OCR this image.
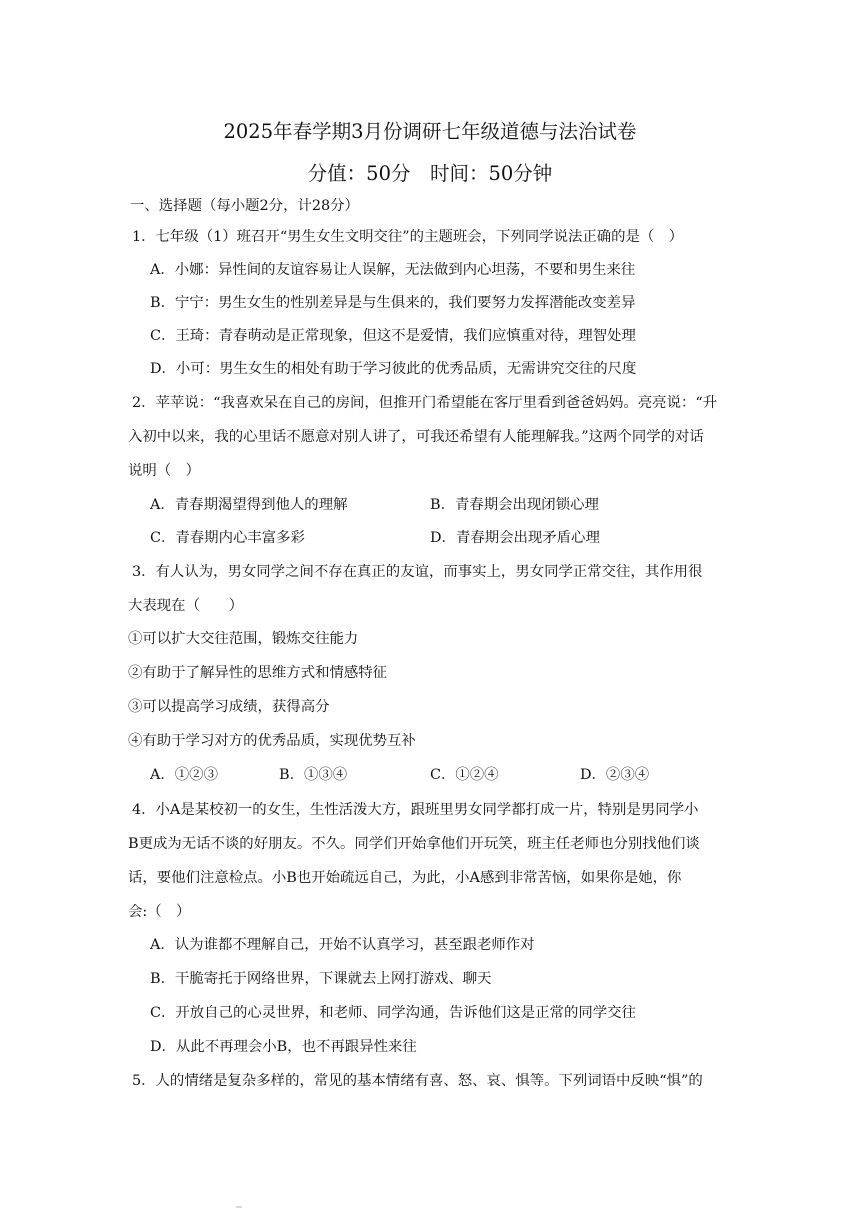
2025年春学期3月份调研七年级道德与法治试卷
分值：50分　时间：50分钟
一、选择题（每小题2分，计28分）
1．七年级（1）班召开“男生女生文明交往”的主题班会，下列同学说法正确的是（　）
A．小娜：异性间的友谊容易让人误解，无法做到内心坦荡，不要和男生来往
B．宁宁：男生女生的性别差异是与生俱来的，我们要努力发挥潜能改变差异
C．王琦：青春萌动是正常现象，但这不是爱情，我们应慎重对待，理智处理
D．小可：男生女生的相处有助于学习彼此的优秀品质，无需讲究交往的尺度
2．苹苹说：“我喜欢呆在自己的房间，但推开门希望能在客厅里看到爸爸妈妈。亮亮说：“升
入初中以来，我的心里话不愿意对别人讲了，可我还希望有人能理解我。”这两个同学的对话
说明（　）
A．青春期渴望得到他人的理解	B．青春期会出现闭锁心理
C．青春期内心丰富多彩	D．青春期会出现矛盾心理
3．有人认为，男女同学之间不存在真正的友谊，而事实上，男女同学正常交往，其作用很
大表现在（　　）
①可以扩大交往范围，锻炼交往能力
②有助于了解异性的思维方式和情感特征
③可以提高学习成绩，获得高分
④有助于学习对方的优秀品质，实现优势互补
A．①②③	B．①③④	C．①②④	D．②③④
4．小A是某校初一的女生，生性活泼大方，跟班里男女同学都打成一片，特别是男同学小
B更成为无话不谈的好朋友。不久。同学们开始拿他们开玩笑，班主任老师也分别找他们谈
话，要他们注意检点。小B也开始疏远自己，为此，小A感到非常苦恼，如果你是她，你
会:（　）
A．认为谁都不理解自己，开始不认真学习，甚至跟老师作对
B．干脆寄托于网络世界，下课就去上网打游戏、聊天
C．开放自己的心灵世界，和老师、同学沟通，告诉他们这是正常的同学交往
D．从此不再理会小B，也不再跟异性来往
5．人的情绪是复杂多样的，常见的基本情绪有喜、怒、哀、惧等。下列词语中反映“惧”的
